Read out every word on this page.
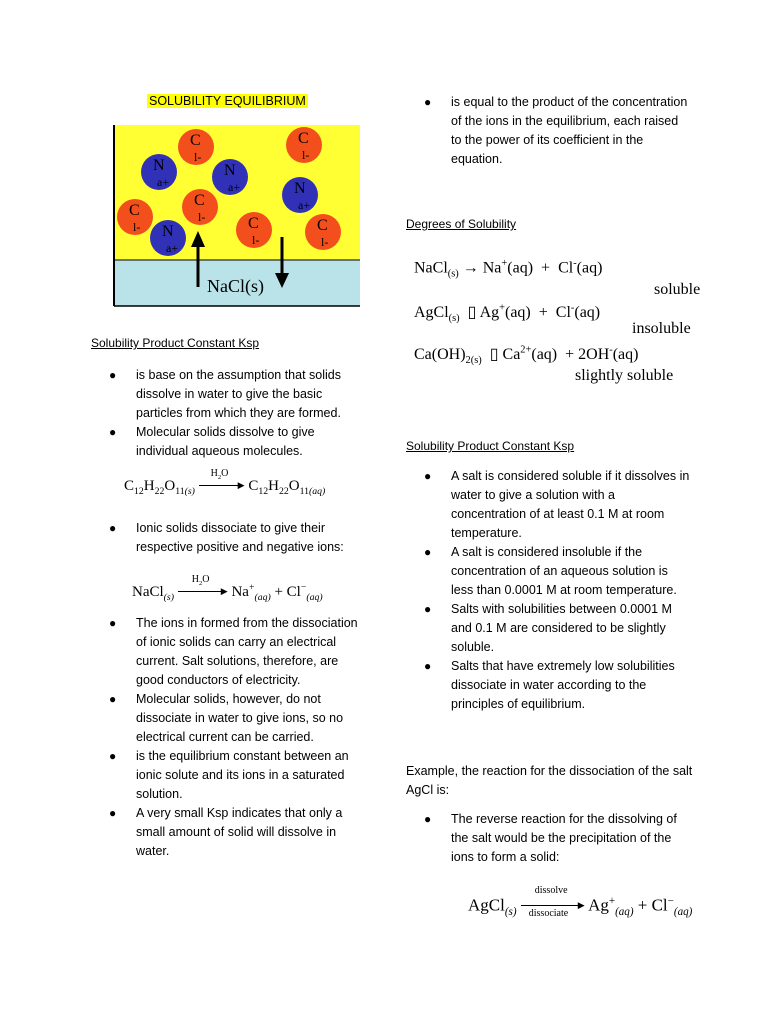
SOLUBILITY EQUILIBRIUM
C
l-
N
a+
N
a+
C
l-
N
a+
C
l-
C
l-
N
a+
C
l-
C
l-
NaCl(s)
Solubility Product Constant Ksp
● is base on the assumption that solids dissolve in water to give the basic particles from which they are formed.
● Molecular solids dissolve to give individual aqueous molecules.
$C_{12}H_{22}O_{11(s)}$
$H_2O$
▶ $C_{12}H_{22}O_{11(aq)}$
● Ionic solids dissociate to give their respective positive and negative ions:
NaCl$_{(s)}$
$H_2O$
▶ $Na^+_{(aq)} + Cl^-_{(aq)}$
● The ions in formed from the dissociation of ionic solids can carry an electrical current. Salt solutions, therefore, are good conductors of electricity.
● Molecular solids, however, do not dissociate in water to give ions, so no electrical current can be carried.
● is the equilibrium constant between an ionic solute and its ions in a saturated solution.
● A very small Ksp indicates that only a small amount of solid will dissolve in water.
● is equal to the product of the concentration of the ions in the equilibrium, each raised to the power of its coefficient in the equation.
Degrees of Solubility
NaCl$_{(s)}$ → Na+(aq)  +  Cl-(aq)
soluble
AgCl$_{(s)}$  ▯ Ag+(aq)  +  Cl-(aq)
insoluble
$Ca(OH)_{2(s)}$  ▯ $Ca^{2+}(aq) + 2OH^-(aq)$
slightly soluble
Solubility Product Constant Ksp
● A salt is considered soluble if it dissolves in water to give a solution with a concentration of at least 0.1 M at room temperature.
● A salt is considered insoluble if the concentration of an aqueous solution is less than 0.0001 M at room temperature.
● Salts with solubilities between 0.0001 M and 0.1 M are considered to be slightly soluble.
● Salts that have extremely low solubilities dissociate in water according to the principles of equilibrium.
Example, the reaction for the dissociation of the salt AgCl is:
● The reverse reaction for the dissolving of the salt would be the precipitation of the ions to form a solid:
AgCl$_{(s)}$
dissolve
▶
dissociate $Ag^+_{(aq)} + Cl^-_{(aq)}$
